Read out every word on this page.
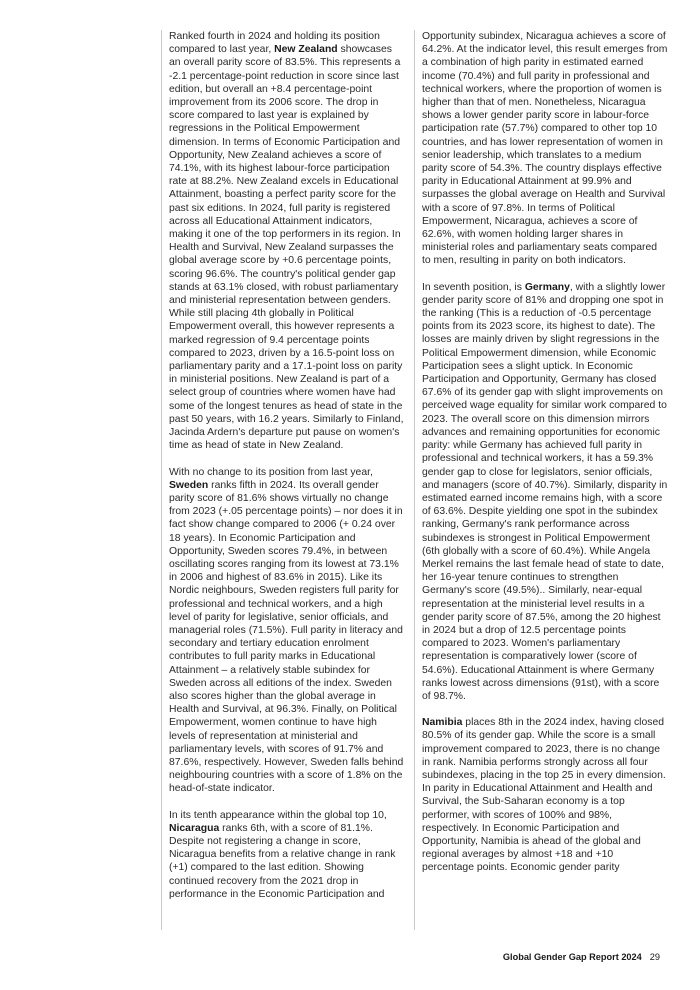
Ranked fourth in 2024 and holding its position compared to last year, New Zealand showcases an overall parity score of 83.5%. This represents a -2.1 percentage-point reduction in score since last edition, but overall an +8.4 percentage-point improvement from its 2006 score. The drop in score compared to last year is explained by regressions in the Political Empowerment dimension. In terms of Economic Participation and Opportunity, New Zealand achieves a score of 74.1%, with its highest labour-force participation rate at 88.2%. New Zealand excels in Educational Attainment, boasting a perfect parity score for the past six editions. In 2024, full parity is registered across all Educational Attainment indicators, making it one of the top performers in its region. In Health and Survival, New Zealand surpasses the global average score by +0.6 percentage points, scoring 96.6%. The country's political gender gap stands at 63.1% closed, with robust parliamentary and ministerial representation between genders. While still placing 4th globally in Political Empowerment overall, this however represents a marked regression of 9.4 percentage points compared to 2023, driven by a 16.5-point loss on parliamentary parity and a 17.1-point loss on parity in ministerial positions. New Zealand is part of a select group of countries where women have had some of the longest tenures as head of state in the past 50 years, with 16.2 years. Similarly to Finland, Jacinda Ardern's departure put pause on women's time as head of state in New Zealand.

With no change to its position from last year, Sweden ranks fifth in 2024. Its overall gender parity score of 81.6% shows virtually no change from 2023 (+.05 percentage points) – nor does it in fact show change compared to 2006 (+ 0.24 over 18 years). In Economic Participation and Opportunity, Sweden scores 79.4%, in between oscillating scores ranging from its lowest at 73.1% in 2006 and highest of 83.6% in 2015). Like its Nordic neighbours, Sweden registers full parity for professional and technical workers, and a high level of parity for legislative, senior officials, and managerial roles (71.5%). Full parity in literacy and secondary and tertiary education enrolment contributes to full parity marks in Educational Attainment – a relatively stable subindex for Sweden across all editions of the index. Sweden also scores higher than the global average in Health and Survival, at 96.3%. Finally, on Political Empowerment, women continue to have high levels of representation at ministerial and parliamentary levels, with scores of 91.7% and 87.6%, respectively. However, Sweden falls behind neighbouring countries with a score of 1.8% on the head-of-state indicator.

In its tenth appearance within the global top 10, Nicaragua ranks 6th, with a score of 81.1%. Despite not registering a change in score, Nicaragua benefits from a relative change in rank (+1) compared to the last edition. Showing continued recovery from the 2021 drop in performance in the Economic Participation and

Opportunity subindex, Nicaragua achieves a score of 64.2%. At the indicator level, this result emerges from a combination of high parity in estimated earned income (70.4%) and full parity in professional and technical workers, where the proportion of women is higher than that of men. Nonetheless, Nicaragua shows a lower gender parity score in labour-force participation rate (57.7%) compared to other top 10 countries, and has lower representation of women in senior leadership, which translates to a medium parity score of 54.3%. The country displays effective parity in Educational Attainment at 99.9% and surpasses the global average on Health and Survival with a score of 97.8%. In terms of Political Empowerment, Nicaragua, achieves a score of 62.6%, with women holding larger shares in ministerial roles and parliamentary seats compared to men, resulting in parity on both indicators.

In seventh position, is Germany, with a slightly lower gender parity score of 81% and dropping one spot in the ranking (This is a reduction of -0.5 percentage points from its 2023 score, its highest to date). The losses are mainly driven by slight regressions in the Political Empowerment dimension, while Economic Participation sees a slight uptick. In Economic Participation and Opportunity, Germany has closed 67.6% of its gender gap with slight improvements on perceived wage equality for similar work compared to 2023. The overall score on this dimension mirrors advances and remaining opportunities for economic parity: while Germany has achieved full parity in professional and technical workers, it has a 59.3% gender gap to close for legislators, senior officials, and managers (score of 40.7%). Similarly, disparity in estimated earned income remains high, with a score of 63.6%. Despite yielding one spot in the subindex ranking, Germany's rank performance across subindexes is strongest in Political Empowerment (6th globally with a score of 60.4%). While Angela Merkel remains the last female head of state to date, her 16-year tenure continues to strengthen Germany's score (49.5%).. Similarly, near-equal representation at the ministerial level results in a gender parity score of 87.5%, among the 20 highest in 2024 but a drop of 12.5 percentage points compared to 2023. Women's parliamentary representation is comparatively lower (score of 54.6%). Educational Attainment is where Germany ranks lowest across dimensions (91st), with a score of 98.7%.

Namibia places 8th in the 2024 index, having closed 80.5% of its gender gap. While the score is a small improvement compared to 2023, there is no change in rank. Namibia performs strongly across all four subindexes, placing in the top 25 in every dimension. In parity in Educational Attainment and Health and Survival, the Sub-Saharan economy is a top performer, with scores of 100% and 98%, respectively. In Economic Participation and Opportunity, Namibia is ahead of the global and regional averages by almost +18 and +10 percentage points. Economic gender parity

Global Gender Gap Report 2024 29
